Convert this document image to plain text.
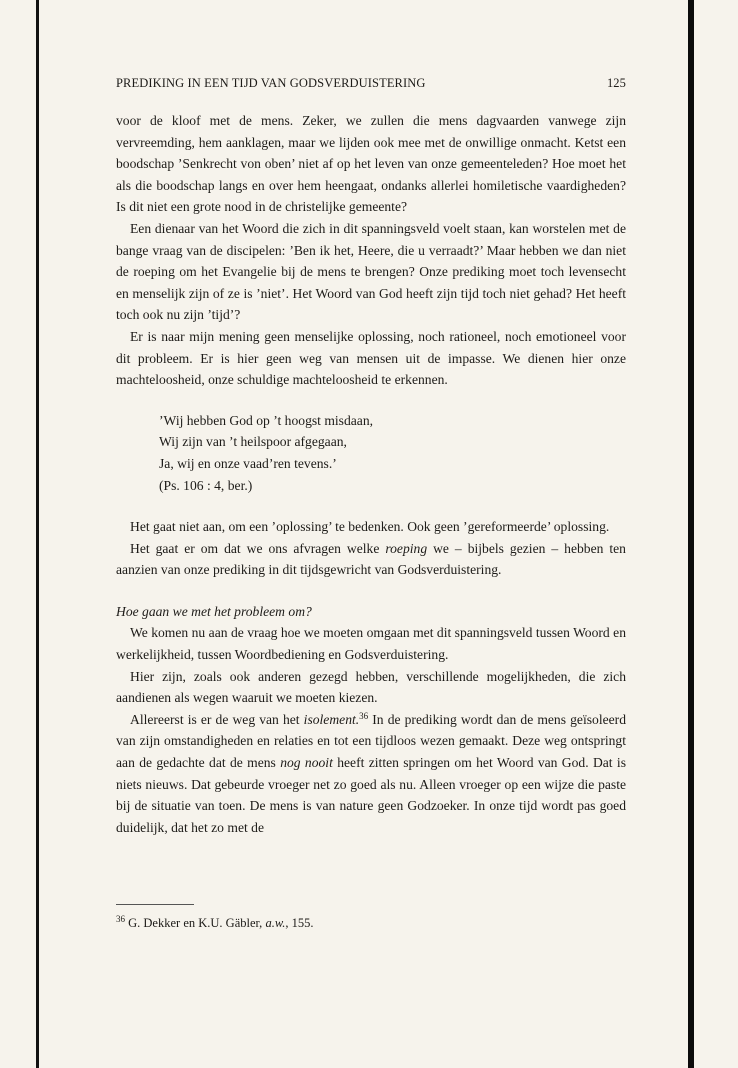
PREDIKING IN EEN TIJD VAN GODSVERDUISTERING	125

voor de kloof met de mens. Zeker, we zullen die mens dagvaarden vanwege zijn vervreemding, hem aanklagen, maar we lijden ook mee met de onwillige onmacht. Ketst een boodschap ’Senkrecht von oben’ niet af op het leven van onze gemeenteleden? Hoe moet het als die boodschap langs en over hem heengaat, ondanks allerlei homiletische vaardigheden? Is dit niet een grote nood in de christelijke gemeente?

Een dienaar van het Woord die zich in dit spanningsveld voelt staan, kan worstelen met de bange vraag van de discipelen: ’Ben ik het, Heere, die u verraadt?’ Maar hebben we dan niet de roeping om het Evangelie bij de mens te brengen? Onze prediking moet toch levensecht en menselijk zijn of ze is ’niet’. Het Woord van God heeft zijn tijd toch niet gehad? Het heeft toch ook nu zijn ’tijd’?

Er is naar mijn mening geen menselijke oplossing, noch rationeel, noch emotioneel voor dit probleem. Er is hier geen weg van mensen uit de impasse. We dienen hier onze machteloosheid, onze schuldige machteloosheid te erkennen.

’Wij hebben God op ’t hoogst misdaan,
Wij zijn van ’t heilspoor afgegaan,
Ja, wij en onze vaad’ren tevens.’
(Ps. 106 : 4, ber.)

Het gaat niet aan, om een ’oplossing’ te bedenken. Ook geen ’gereformeerde’ oplossing.

Het gaat er om dat we ons afvragen welke roeping we – bijbels gezien – hebben ten aanzien van onze prediking in dit tijdsgewricht van Godsverduistering.

Hoe gaan we met het probleem om?

We komen nu aan de vraag hoe we moeten omgaan met dit spanningsveld tussen Woord en werkelijkheid, tussen Woordbediening en Godsverduistering.

Hier zijn, zoals ook anderen gezegd hebben, verschillende mogelijkheden, die zich aandienen als wegen waaruit we moeten kiezen.

Allereerst is er de weg van het isolement.$^{36}$ In de prediking wordt dan de mens geïsoleerd van zijn omstandigheden en relaties en tot een tijdloos wezen gemaakt. Deze weg ontspringt aan de gedachte dat de mens nog nooit heeft zitten springen om het Woord van God. Dat is niets nieuws. Dat gebeurde vroeger net zo goed als nu. Alleen vroeger op een wijze die paste bij de situatie van toen. De mens is van nature geen Godzoeker. In onze tijd wordt pas goed duidelijk, dat het zo met de

$^{36}$ G. Dekker en K.U. Gäbler, a.w., 155.
